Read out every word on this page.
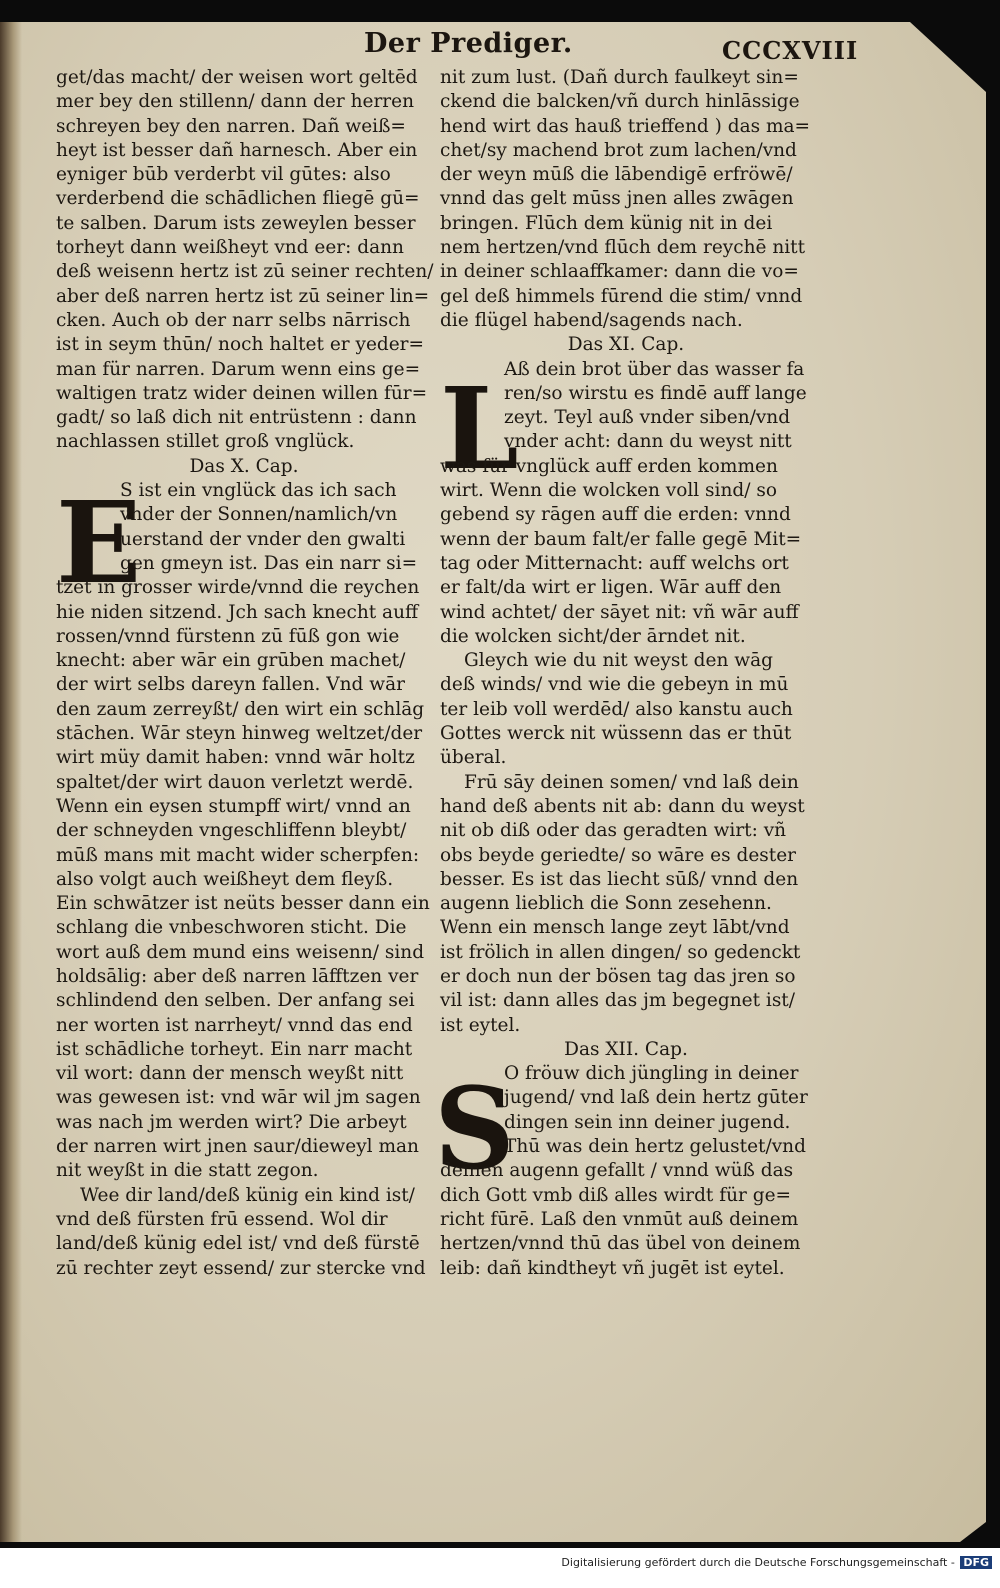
Der Prediger.	CCCXVIII
E
L
S
get/das macht/ der weisen wort geltēd
mer bey den stillenn/ dann der herren
schreyen bey den narren. Dañ weiß=
heyt ist besser dañ harnesch. Aber ein
eyniger būb verderbt vil gūtes: also
verderbend die schādlichen fliegē gū=
te salben. Darum ists zewеylen besser
torheyt dann weißheyt vnd eer: dann
deß weisenn hertz ist zū seiner rechten/
aber deß narren hertz ist zū seiner lin=
cken. Auch ob der narr selbs nārrisch
ist in seym thūn/ noch haltet er yeder=
man für narren. Darum wenn eins ge=
waltigen tratz wider deinen willen fūr=
gadt/ so laß dich nit entrüstenn : dann
nachlassen stillet groß vnglück.
Das X. Cap.
S ist ein vnglück das ich sach
vnder der Sonnen/namlich/vn
uerstand der vnder den gwalti
gen gmeyn ist. Das ein narr si=
tzet in grosser wirde/vnnd die reychen
hie niden sitzend. Jch sach knecht auff
rossen/vnnd fürstenn zū fūß gon wie
knecht: aber wār ein grūben machet/
der wirt selbs dareyn fallen. Vnd wār
den zaum zerreyßt/ den wirt ein schlāg
stāchen. Wār steyn hinweg weltzet/der
wirt müy damit haben: vnnd wār holtz
spaltet/der wirt dauon verletzt werdē.
Wenn ein eysen stumpff wirt/ vnnd an
der schneyden vngeschliffenn bleybt/
mūß mans mit macht wider scherpfen:
also volgt auch weißheyt dem fleyß.
Ein schwātzer ist neüts besser dann ein
schlang die vnbeschworen sticht. Die
wort auß dem mund eins weisenn/ sind
holdsālig: aber deß narren lāfftzen ver
schlindend den selben. Der anfang sei
ner worten ist narrheyt/ vnnd das end
ist schādliche torheyt. Ein narr macht
vil wort: dann der mensch weyßt nitt
was gewesen ist: vnd wār wil jm sagen
was nach jm werden wirt? Die arbeyt
der narren wirt jnen saur/dieweyl man
nit weyßt in die statt zegon.
Wee dir land/deß künig ein kind ist/
vnd deß fürsten frū essend. Wol dir
land/deß künig edel ist/ vnd deß fürstē
zū rechter zeyt essend/ zur stercke vnd
nit zum lust. (Dañ durch faulkeyt sin=
ckend die balcken/vñ durch hinlāssige
hend wirt das hauß trieffend ) das ma=
chet/sy machend brot zum lachen/vnd
der weyn mūß die lābendigē erfröwē/
vnnd das gelt mūss jnen alles zwāgen
bringen. Flūch dem künig nit in dei
nem hertzen/vnd flūch dem reychē nitt
in deiner schlaaffkamer: dann die vo=
gel deß himmels fūrend die stim/ vnnd
die flügel habend/sagends nach.
Das XI. Cap.
Aß dein brot über das wasser fa
ren/so wirstu es findē auff lange
zeyt. Teyl auß vnder siben/vnd
vnder acht: dann du weyst nitt
was für vnglück auff erden kommen
wirt. Wenn die wolcken voll sind/ so
gebend sy rāgen auff die erden: vnnd
wenn der baum falt/er falle gegē Mit=
tag oder Mitternacht: auff welchs ort
er falt/da wirt er ligen. Wār auff den
wind achtet/ der sāyet nit: vñ wār auff
die wolcken sicht/der ārndet nit.
Gleych wie du nit weyst den wāg
deß winds/ vnd wie die gebeyn in mū
ter leib voll werdēd/ also kanstu auch
Gottes werck nit wüssenn das er thūt
überal.
Frū sāy deinen somen/ vnd laß dein
hand deß abents nit ab: dann du weyst
nit ob diß oder das geradten wirt: vñ
obs beyde geriedte/ so wāre es dester
besser. Es ist das liecht sūß/ vnnd den
augenn lieblich die Sonn zesehenn.
Wenn ein mensch lange zeyt lābt/vnd
ist frölich in allen dingen/ so gedenckt
er doch nun der bösen tag das jren so
vil ist: dann alles das jm begegnet ist/
ist eytel.
Das XII. Cap.
O fröuw dich jüngling in deiner
jugend/ vnd laß dein hertz gūter
dingen sein inn deiner jugend.
Thū was dein hertz gelustet/vnd
deinen augenn gefallt / vnnd wüß das
dich Gott vmb diß alles wirdt für ge=
richt fūrē. Laß den vnmūt auß deinem
hertzen/vnnd thū das übel von deinem
leib: dañ kindtheyt vñ jugēt ist eytel.
Digitalisierung gefördert durch die Deutsche Forschungsgemeinschaft - DFG
